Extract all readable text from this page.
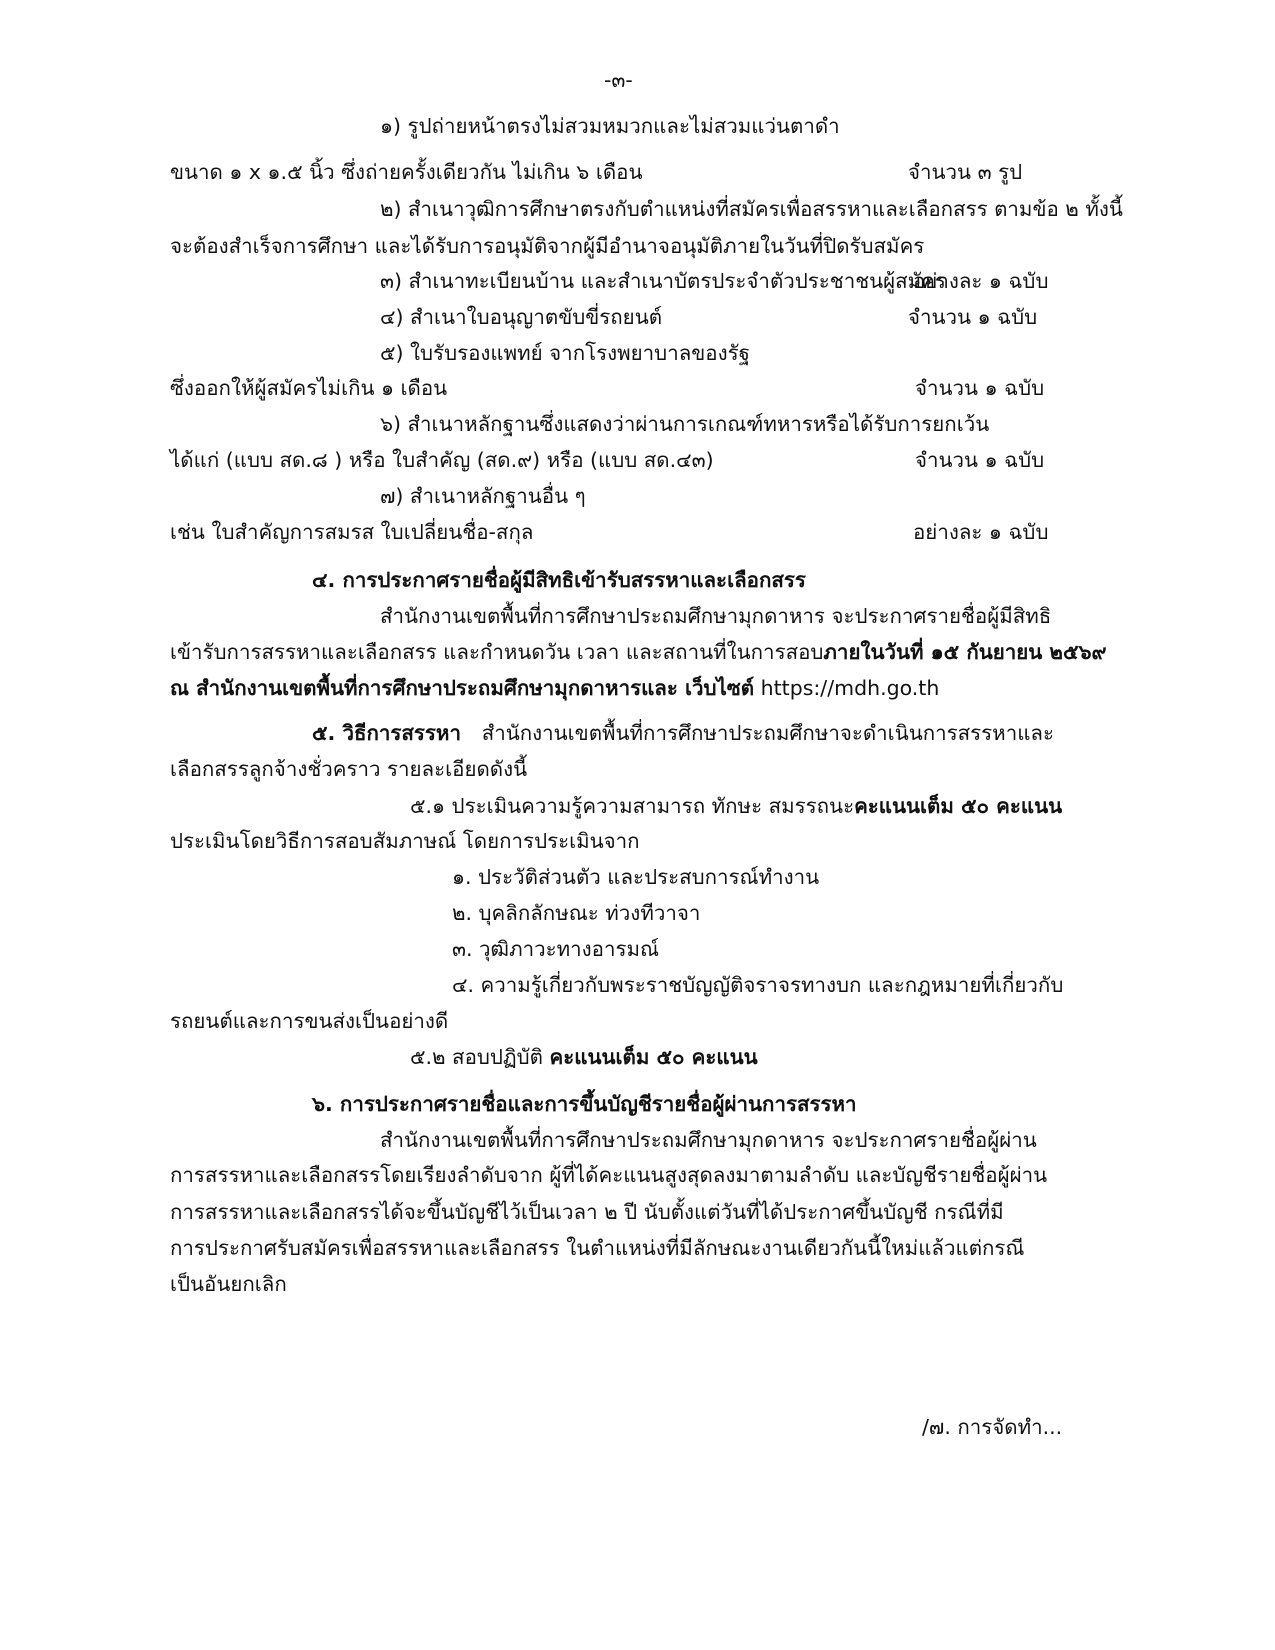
-๓-
๑) รูปถ่ายหน้าตรงไม่สวมหมวกและไม่สวมแว่นตาดำ
ขนาด ๑ x ๑.๕ นิ้ว ซึ่งถ่ายครั้งเดียวกัน ไม่เกิน ๖ เดือน	จำนวน ๓ รูป
๒) สำเนาวุฒิการศึกษาตรงกับตำแหน่งที่สมัครเพื่อสรรหาและเลือกสรร ตามข้อ ๒ ทั้งนี้
จะต้องสำเร็จการศึกษา และได้รับการอนุมัติจากผู้มีอำนาจอนุมัติภายในวันที่ปิดรับสมัคร
๓) สำเนาทะเบียนบ้าน และสำเนาบัตรประจำตัวประชาชนผู้สมัคร
อย่างละ ๑ ฉบับ
๔) สำเนาใบอนุญาตขับขี่รถยนต์	จำนวน ๑ ฉบับ
๕) ใบรับรองแพทย์ จากโรงพยาบาลของรัฐ
ซึ่งออกให้ผู้สมัครไม่เกิน ๑ เดือน	จำนวน ๑ ฉบับ
๖) สำเนาหลักฐานซึ่งแสดงว่าผ่านการเกณฑ์ทหารหรือได้รับการยกเว้น
ได้แก่ (แบบ สด.๘ ) หรือ ใบสำคัญ (สด.๙) หรือ (แบบ สด.๔๓)	จำนวน ๑ ฉบับ
๗) สำเนาหลักฐานอื่น ๆ
เช่น ใบสำคัญการสมรส ใบเปลี่ยนชื่อ-สกุล	อย่างละ ๑ ฉบับ
๔. การประกาศรายชื่อผู้มีสิทธิเข้ารับสรรหาและเลือกสรร
สำนักงานเขตพื้นที่การศึกษาประถมศึกษามุกดาหาร จะประกาศรายชื่อผู้มีสิทธิ
เข้ารับการสรรหาและเลือกสรร และกำหนดวัน เวลา และสถานที่ในการสอบ ภายในวันที่ ๑๕ กันยายน ๒๕๖๙
ณ สำนักงานเขตพื้นที่การศึกษาประถมศึกษามุกดาหารและ เว็บไซต์ https://mdh.go.th
๕. วิธีการสรรหา สำนักงานเขตพื้นที่การศึกษาประถมศึกษาจะดำเนินการสรรหาและ
เลือกสรรลูกจ้างชั่วคราว รายละเอียดดังนี้
๕.๑ ประเมินความรู้ความสามารถ ทักษะ สมรรถนะ คะแนนเต็ม ๕๐ คะแนน
ประเมินโดยวิธีการสอบสัมภาษณ์ โดยการประเมินจาก
๑. ประวัติส่วนตัว และประสบการณ์ทำงาน
๒. บุคลิกลักษณะ ท่วงทีวาจา
๓. วุฒิภาวะทางอารมณ์
๔. ความรู้เกี่ยวกับพระราชบัญญัติจราจรทางบก และกฎหมายที่เกี่ยวกับ
รถยนต์และการขนส่งเป็นอย่างดี
๕.๒ สอบปฏิบัติ คะแนนเต็ม ๕๐ คะแนน
๖. การประกาศรายชื่อและการขึ้นบัญชีรายชื่อผู้ผ่านการสรรหา
สำนักงานเขตพื้นที่การศึกษาประถมศึกษามุกดาหาร จะประกาศรายชื่อผู้ผ่าน
การสรรหาและเลือกสรรโดยเรียงลำดับจาก ผู้ที่ได้คะแนนสูงสุดลงมาตามลำดับ และบัญชีรายชื่อผู้ผ่าน
การสรรหาและเลือกสรรได้จะขึ้นบัญชีไว้เป็นเวลา ๒ ปี นับตั้งแต่วันที่ได้ประกาศขึ้นบัญชี กรณีที่มี
การประกาศรับสมัครเพื่อสรรหาและเลือกสรร ในตำแหน่งที่มีลักษณะงานเดียวกันนี้ใหม่แล้วแต่กรณี
เป็นอันยกเลิก
/๗. การจัดทำ...
